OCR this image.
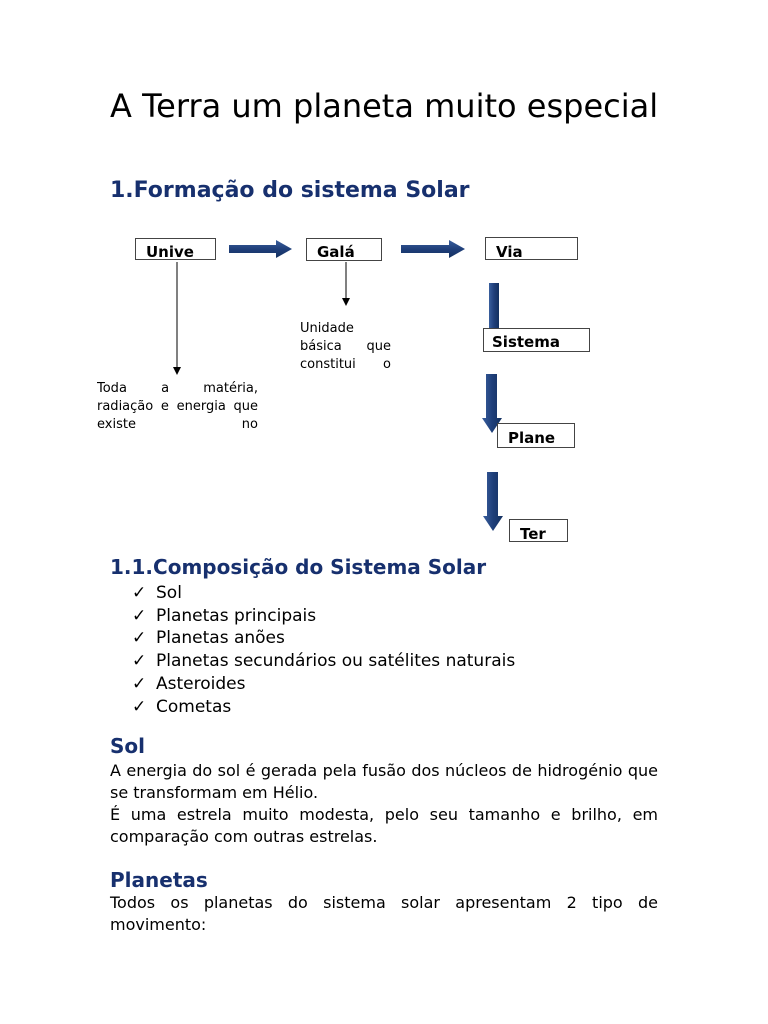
A Terra um planeta muito especial
1.Formação do sistema Solar
Unive	Galá	Via
Sistema
Plane
Ter
Unidade básica que constitui o
Toda a matéria, radiação e energia que existe no
1.1.Composição do Sistema Solar
✓ Sol
✓ Planetas principais
✓ Planetas anões
✓ Planetas secundários ou satélites naturais
✓ Asteroides
✓ Cometas
Sol
A energia do sol é gerada pela fusão dos núcleos de hidrogénio que se transformam em Hélio.
É uma estrela muito modesta, pelo seu tamanho e brilho, em comparação com outras estrelas.
Planetas
Todos os planetas do sistema solar apresentam 2 tipo de movimento:
